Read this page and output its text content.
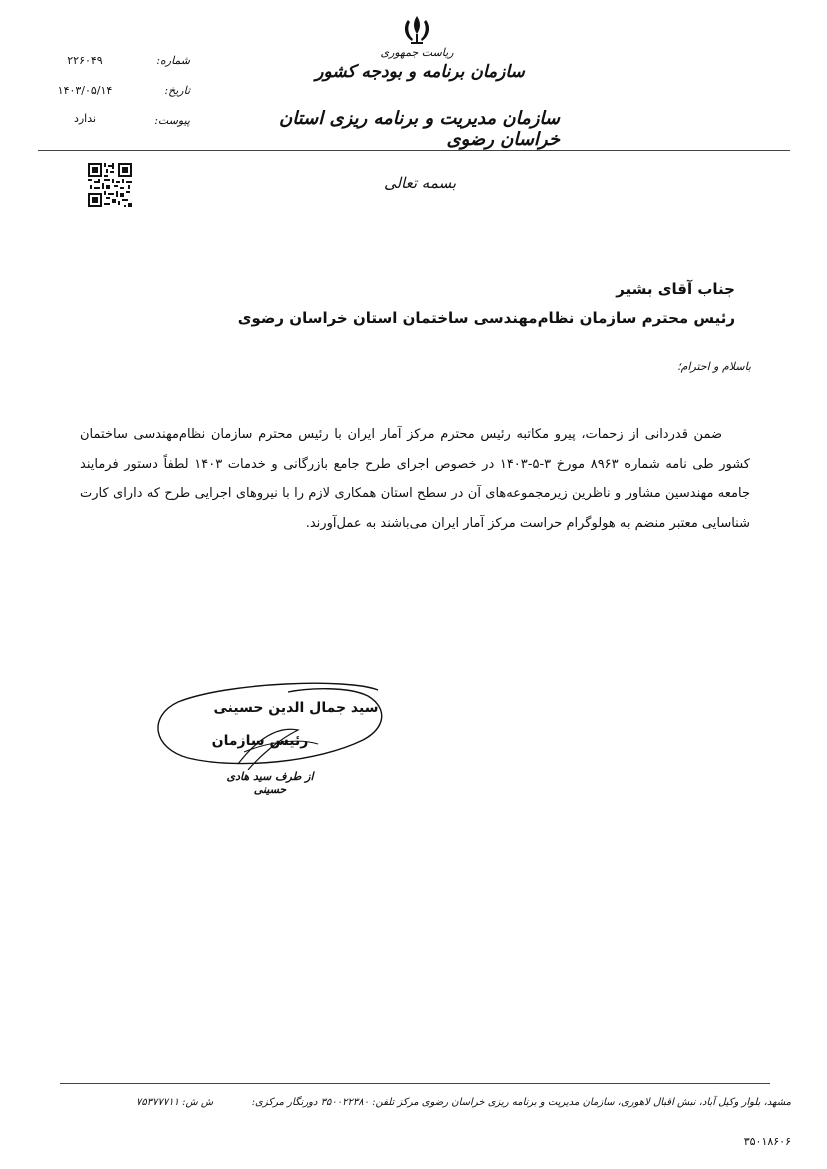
ریاست جمهوری
سازمان برنامه و بودجه کشور
سازمان مدیریت و برنامه ریزی استان خراسان رضوی
شماره:
۲۲۶۰۴۹
تاریخ:
۱۴۰۳/۰۵/۱۴
پیوست:
ندارد
بسمه تعالی
جناب آقای بشیر
رئیس محترم سازمان نظام‌مهندسی ساختمان استان خراسان رضوی
باسلام و احترام؛
ضمن قدردانی از زحمات، پیرو مکاتبه رئیس محترم مرکز آمار ایران با رئیس محترم سازمان نظام‌مهندسی ساختمان کشور طی نامه شماره ۸۹۶۳ مورخ ۳-۵-۱۴۰۳ در خصوص اجرای طرح جامع بازرگانی و خدمات ۱۴۰۳ لطفاً دستور فرمایند جامعه مهندسین مشاور و ناظرین زیرمجموعه‌های آن در سطح استان همکاری لازم را با نیروهای اجرایی طرح که دارای کارت شناسایی معتبر منضم به هولوگرام حراست مرکز آمار ایران می‌باشند به عمل‌آورند.
سید جمال الدین حسینی
رئیس سازمان
از طرف سید هادی حسینی
مشهد، بلوار وکیل آباد، نبش اقبال لاهوری، سازمان مدیریت و برنامه ریزی خراسان رضوی مرکز تلفن: ۳۵۰۰۲۲۳۸۰ دورنگار مرکزی:
ش ش: ۷۵۳۷۷۷۱۱
۳۵۰۱۸۶۰۶
